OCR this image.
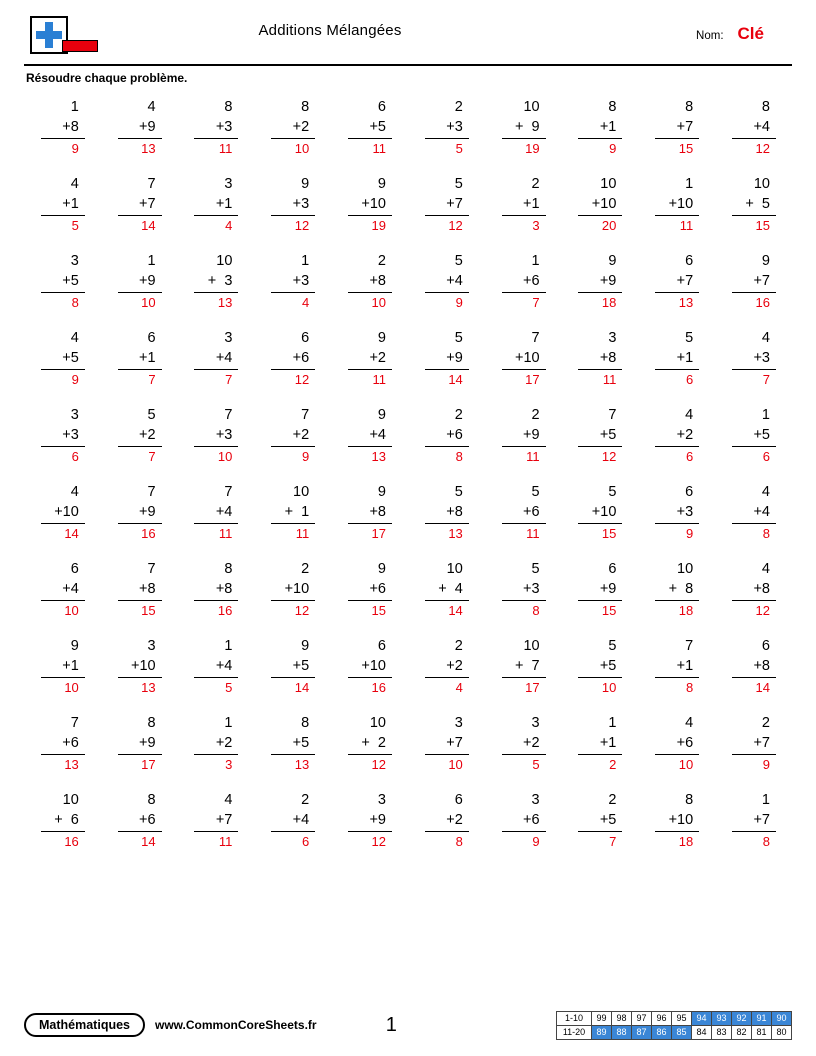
Additions Mélangées	Nom: Clé
Résoudre chaque problème.
1
+8
9
4
+9
13
8
+3
11
8
+2
10
6
+5
11
2
+3
5
10
+  9
19
8
+1
9
8
+7
15
8
+4
12
4
+1
5
7
+7
14
3
+1
4
9
+3
12
9
+10
19
5
+7
12
2
+1
3
10
+10
20
1
+10
11
10
+  5
15
3
+5
8
1
+9
10
10
+  3
13
1
+3
4
2
+8
10
5
+4
9
1
+6
7
9
+9
18
6
+7
13
9
+7
16
4
+5
9
6
+1
7
3
+4
7
6
+6
12
9
+2
11
5
+9
14
7
+10
17
3
+8
11
5
+1
6
4
+3
7
3
+3
6
5
+2
7
7
+3
10
7
+2
9
9
+4
13
2
+6
8
2
+9
11
7
+5
12
4
+2
6
1
+5
6
4
+10
14
7
+9
16
7
+4
11
10
+  1
11
9
+8
17
5
+8
13
5
+6
11
5
+10
15
6
+3
9
4
+4
8
6
+4
10
7
+8
15
8
+8
16
2
+10
12
9
+6
15
10
+  4
14
5
+3
8
6
+9
15
10
+  8
18
4
+8
12
9
+1
10
3
+10
13
1
+4
5
9
+5
14
6
+10
16
2
+2
4
10
+  7
17
5
+5
10
7
+1
8
6
+8
14
7
+6
13
8
+9
17
1
+2
3
8
+5
13
10
+  2
12
3
+7
10
3
+2
5
1
+1
2
4
+6
10
2
+7
9
10
+  6
16
8
+6
14
4
+7
11
2
+4
6
3
+9
12
6
+2
8
3
+6
9
2
+5
7
8
+10
18
1
+7
8
Mathématiques	www.CommonCoreSheets.fr	1	1-10	99	98	97	96	95	94	93	92	91	90
11-20	89	88	87	86	85	84	83	82	81	80
